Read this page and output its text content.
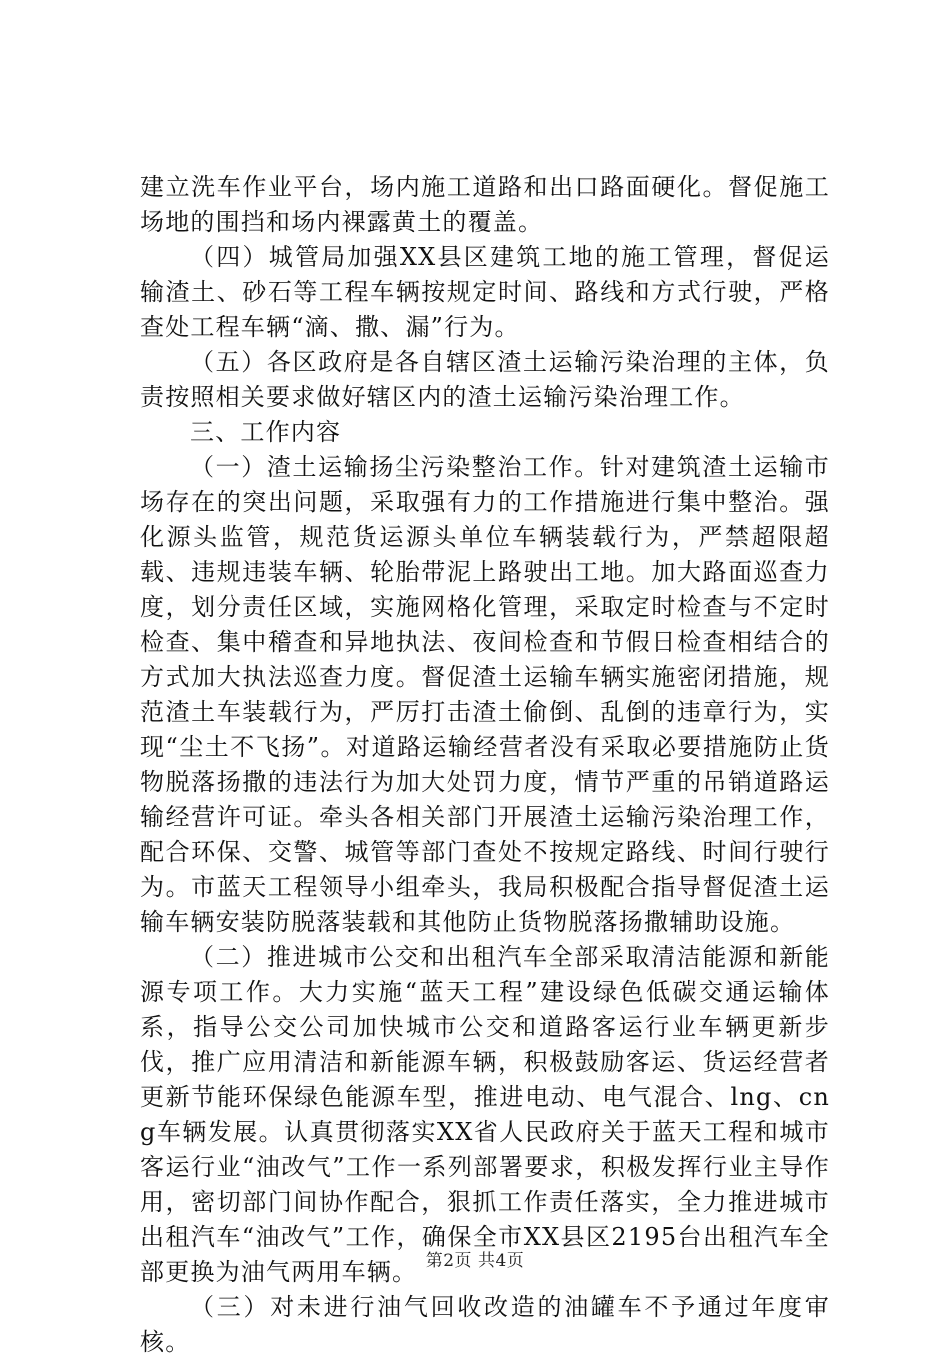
建立洗车作业平台，场内施工道路和出口路面硬化。督促施工场地的围挡和场内裸露黄土的覆盖。

（四）城管局加强XX县区建筑工地的施工管理，督促运输渣土、砂石等工程车辆按规定时间、路线和方式行驶，严格查处工程车辆“滴、撒、漏”行为。

（五）各区政府是各自辖区渣土运输污染治理的主体，负责按照相关要求做好辖区内的渣土运输污染治理工作。

三、工作内容

（一）渣土运输扬尘污染整治工作。针对建筑渣土运输市场存在的突出问题，采取强有力的工作措施进行集中整治。强化源头监管，规范货运源头单位车辆装载行为，严禁超限超载、违规违装车辆、轮胎带泥上路驶出工地。加大路面巡查力度，划分责任区域，实施网格化管理，采取定时检查与不定时检查、集中稽查和异地执法、夜间检查和节假日检查相结合的方式加大执法巡查力度。督促渣土运输车辆实施密闭措施，规范渣土车装载行为，严厉打击渣土偷倒、乱倒的违章行为，实现“尘土不飞扬”。对道路运输经营者没有采取必要措施防止货物脱落扬撒的违法行为加大处罚力度，情节严重的吊销道路运输经营许可证。牵头各相关部门开展渣土运输污染治理工作，配合环保、交警、城管等部门查处不按规定路线、时间行驶行为。市蓝天工程领导小组牵头，我局积极配合指导督促渣土运输车辆安装防脱落装载和其他防止货物脱落扬撒辅助设施。

（二）推进城市公交和出租汽车全部采取清洁能源和新能源专项工作。大力实施“蓝天工程”建设绿色低碳交通运输体系，指导公交公司加快城市公交和道路客运行业车辆更新步伐，推广应用清洁和新能源车辆，积极鼓励客运、货运经营者更新节能环保绿色能源车型，推进电动、电气混合、lng、cng车辆发展。认真贯彻落实XX省人民政府关于蓝天工程和城市客运行业“油改气”工作一系列部署要求，积极发挥行业主导作用，密切部门间协作配合，狠抓工作责任落实，全力推进城市出租汽车“油改气”工作，确保全市XX县区2195台出租汽车全部更换为油气两用车辆。

（三）对未进行油气回收改造的油罐车不予通过年度审核。

第2页 共4页
